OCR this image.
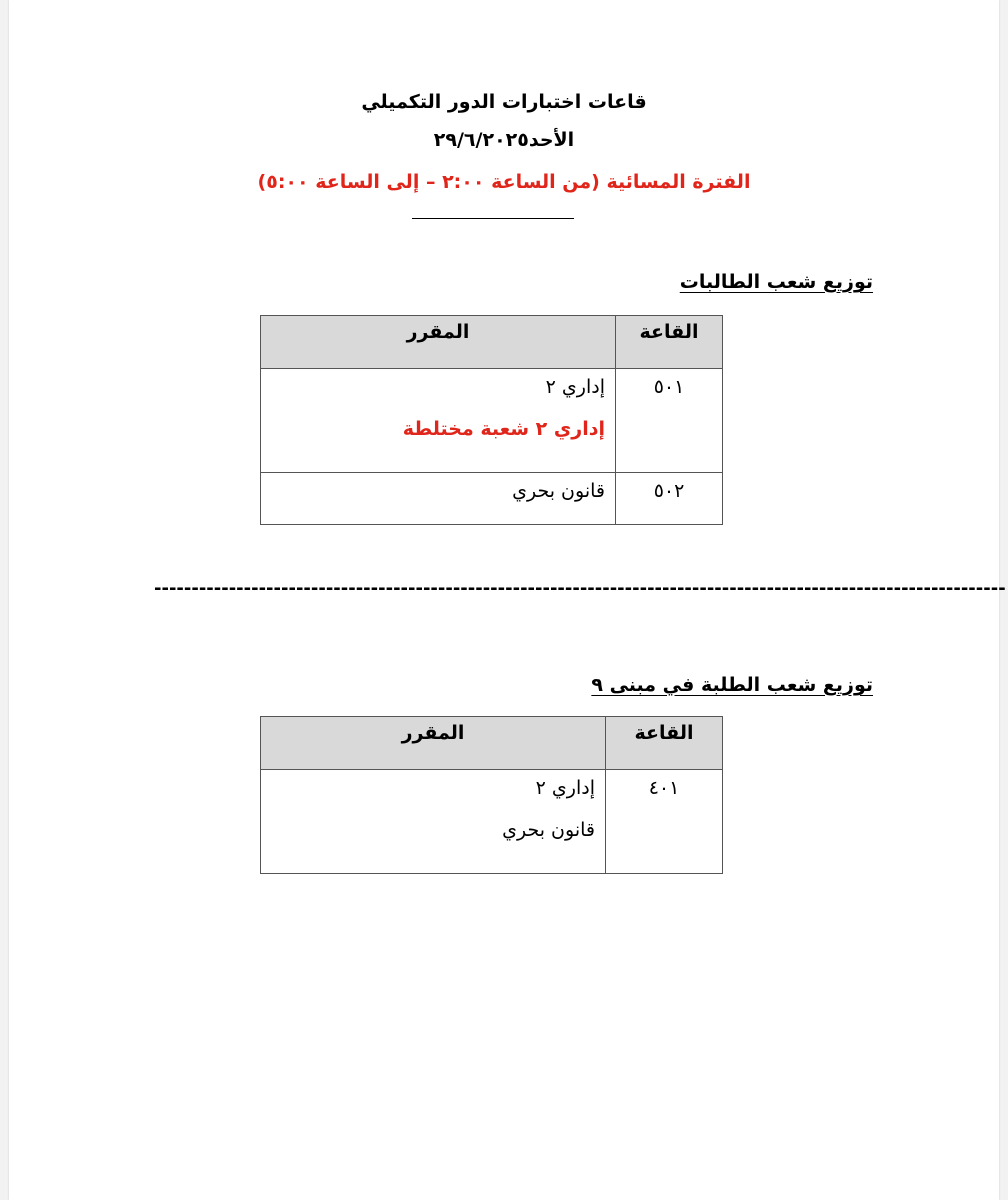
قاعات اختبارات الدور التكميلي
الأحد٢٩/٦/٢٠٢٥
الفترة المسائية (من الساعة ٢:٠٠ – إلى الساعة ٥:٠٠)
توزيع شعب الطالبات
القاعة	المقرر
٥٠١	إداري ٢
إداري ٢ شعبة مختلطة

٥٠٢	قانون بحري
------------------------------------------------------------------------------------------------------------------
توزيع شعب الطلبة في مبنى ٩
القاعة	المقرر
٤٠١	إداري ٢
قانون بحري
